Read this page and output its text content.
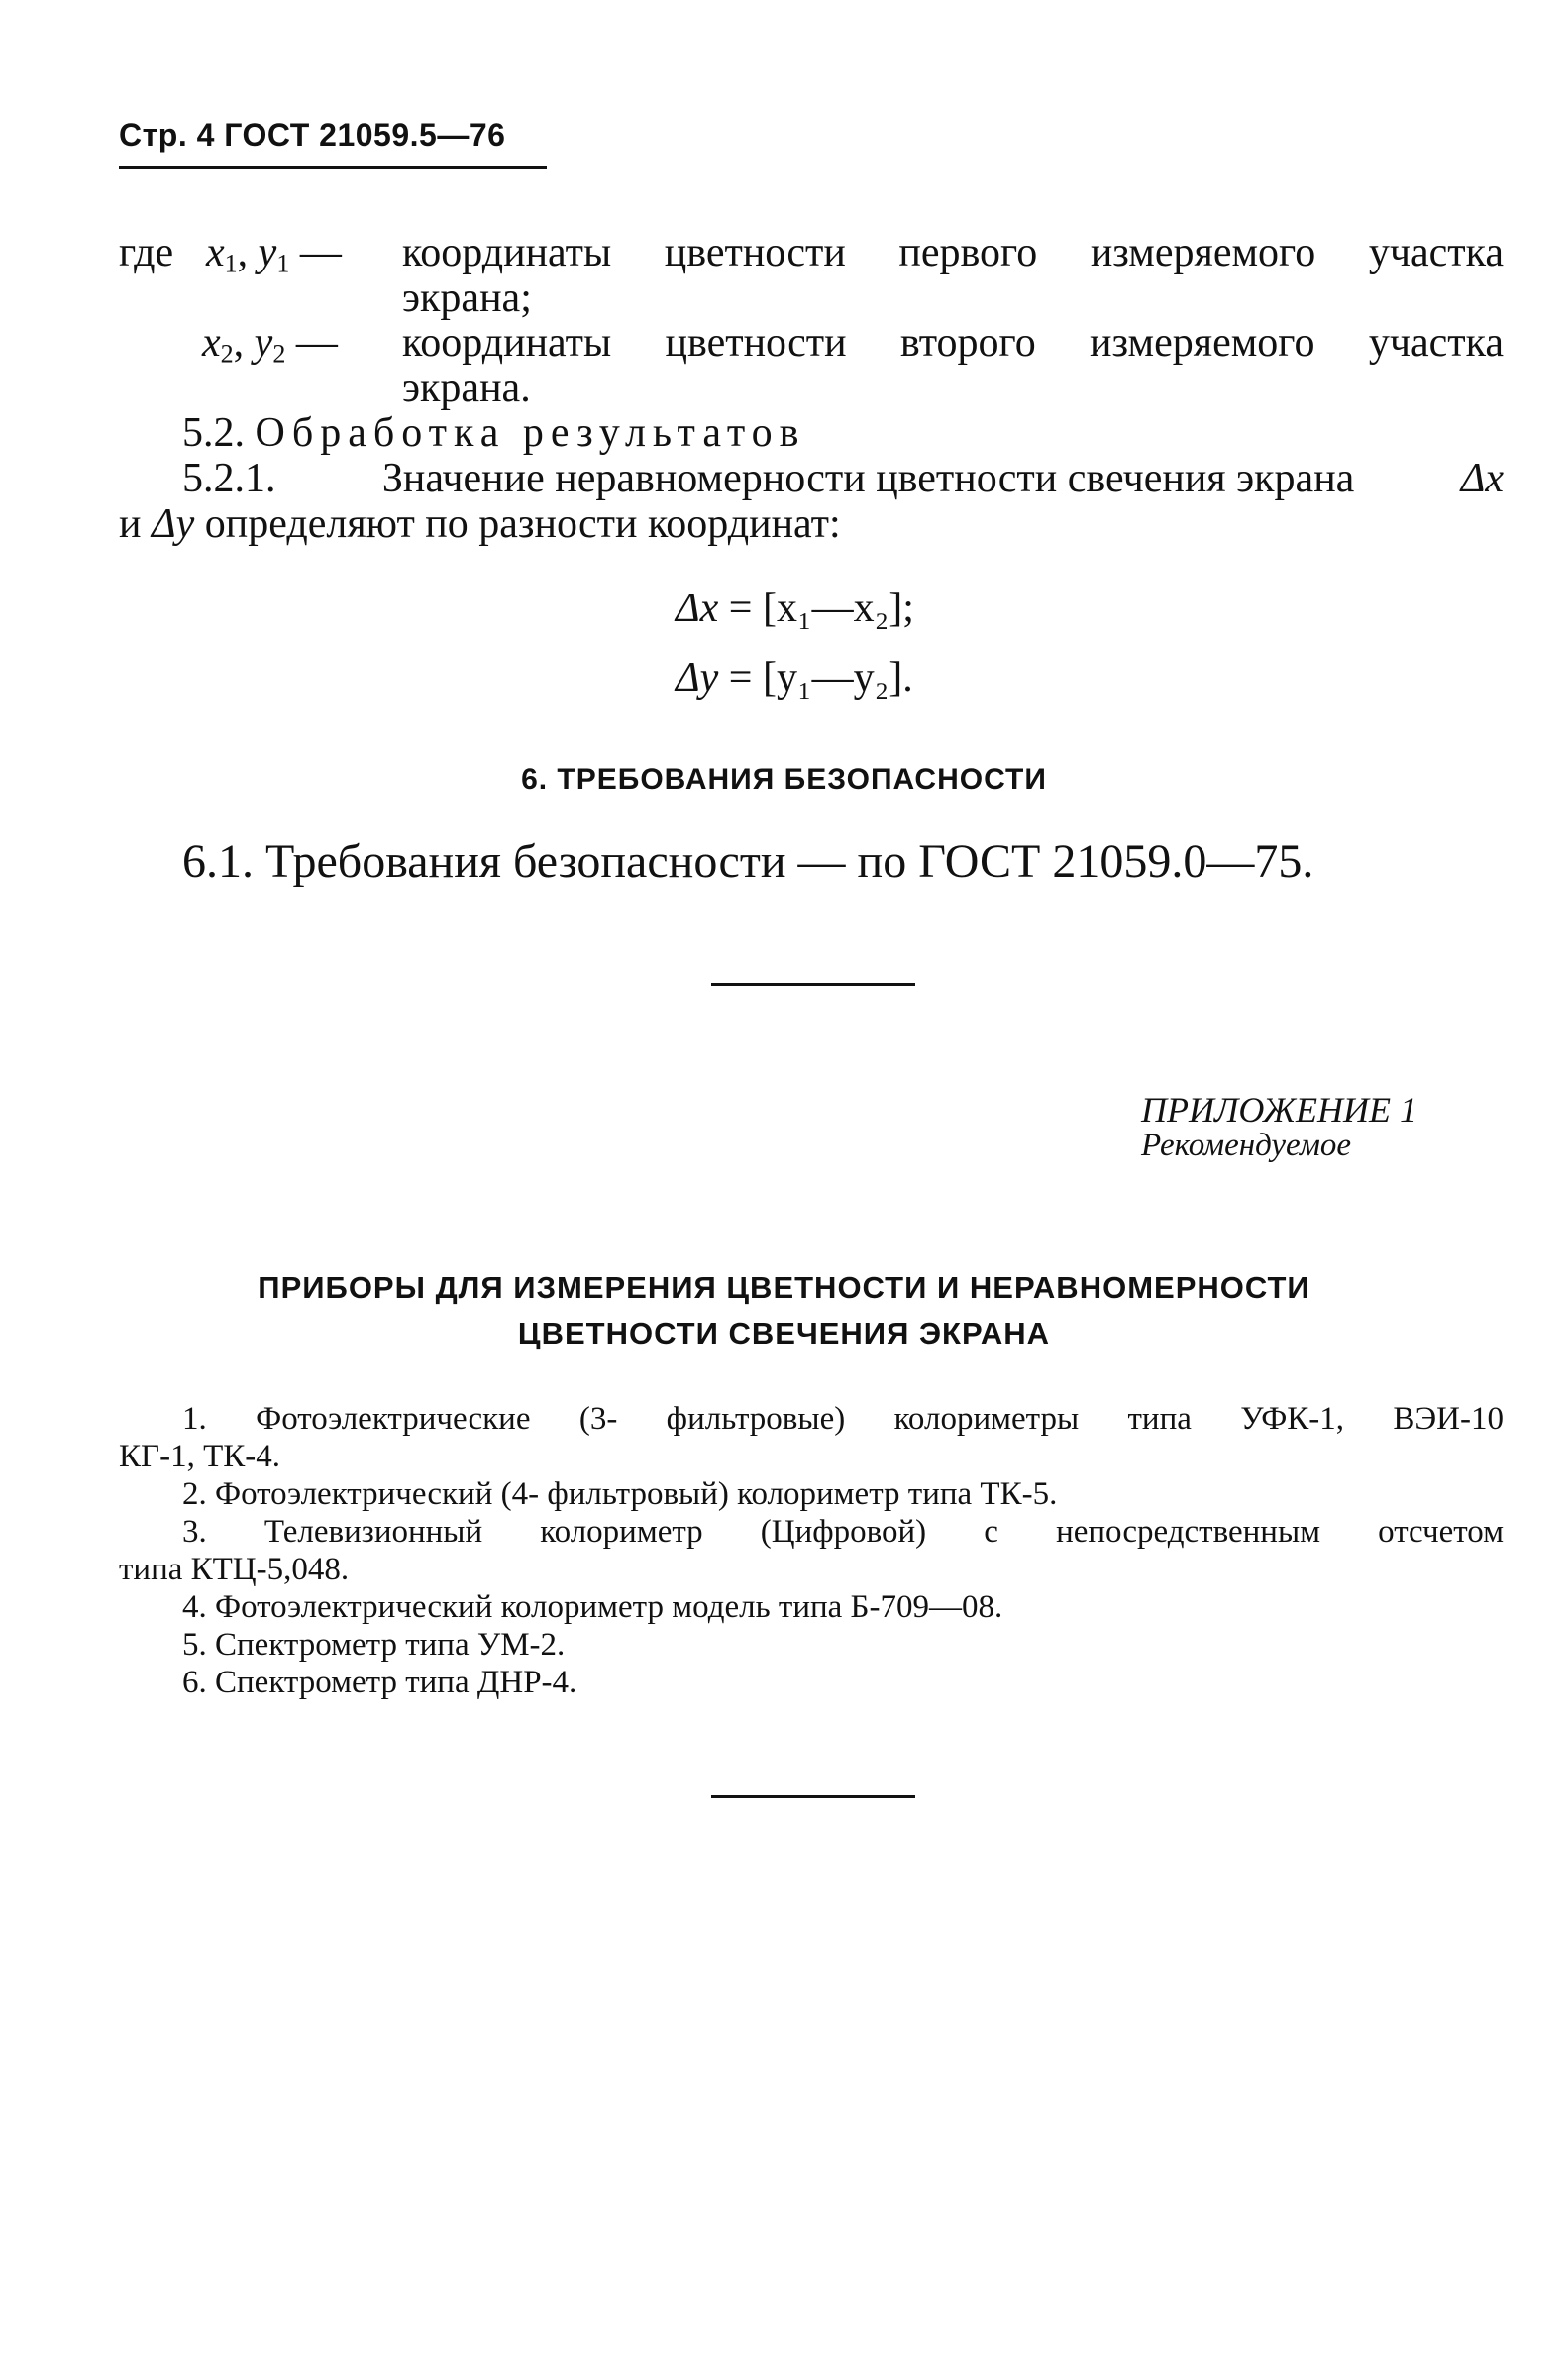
Стр. 4 ГОСТ 21059.5—76
где $x_1$, $y_1$ — координаты цветности первого измеряемого участка
экрана;
$x_2$, $y_2$ — координаты цветности второго измеряемого участка
экрана.
5.2. Обработка результатов
5.2.1.	Значение неравномерности цветности свечения экрана	Δx
и Δy определяют по разности координат:
Δx = [x₁—x₂];
Δy = [y₁—y₂].
6. ТРЕБОВАНИЯ БЕЗОПАСНОСТИ
6.1. Требования безопасности — по ГОСТ 21059.0—75.
ПРИЛОЖЕНИЕ 1
Рекомендуемое
ПРИБОРЫ ДЛЯ ИЗМЕРЕНИЯ ЦВЕТНОСТИ И НЕРАВНОМЕРНОСТИ
ЦВЕТНОСТИ СВЕЧЕНИЯ ЭКРАНА
1. Фотоэлектрические (3- фильтровые) колориметры типа УФК-1, ВЭИ-10
КГ-1, ТК-4.
2. Фотоэлектрический (4- фильтровый) колориметр типа ТК-5.
3. Телевизионный колориметр (Цифровой) с непосредственным отсчетом
типа КТЦ-5,048.
4. Фотоэлектрический колориметр модель типа Б-709—08.
5. Спектрометр типа УМ-2.
6. Спектрометр типа ДНР-4.
